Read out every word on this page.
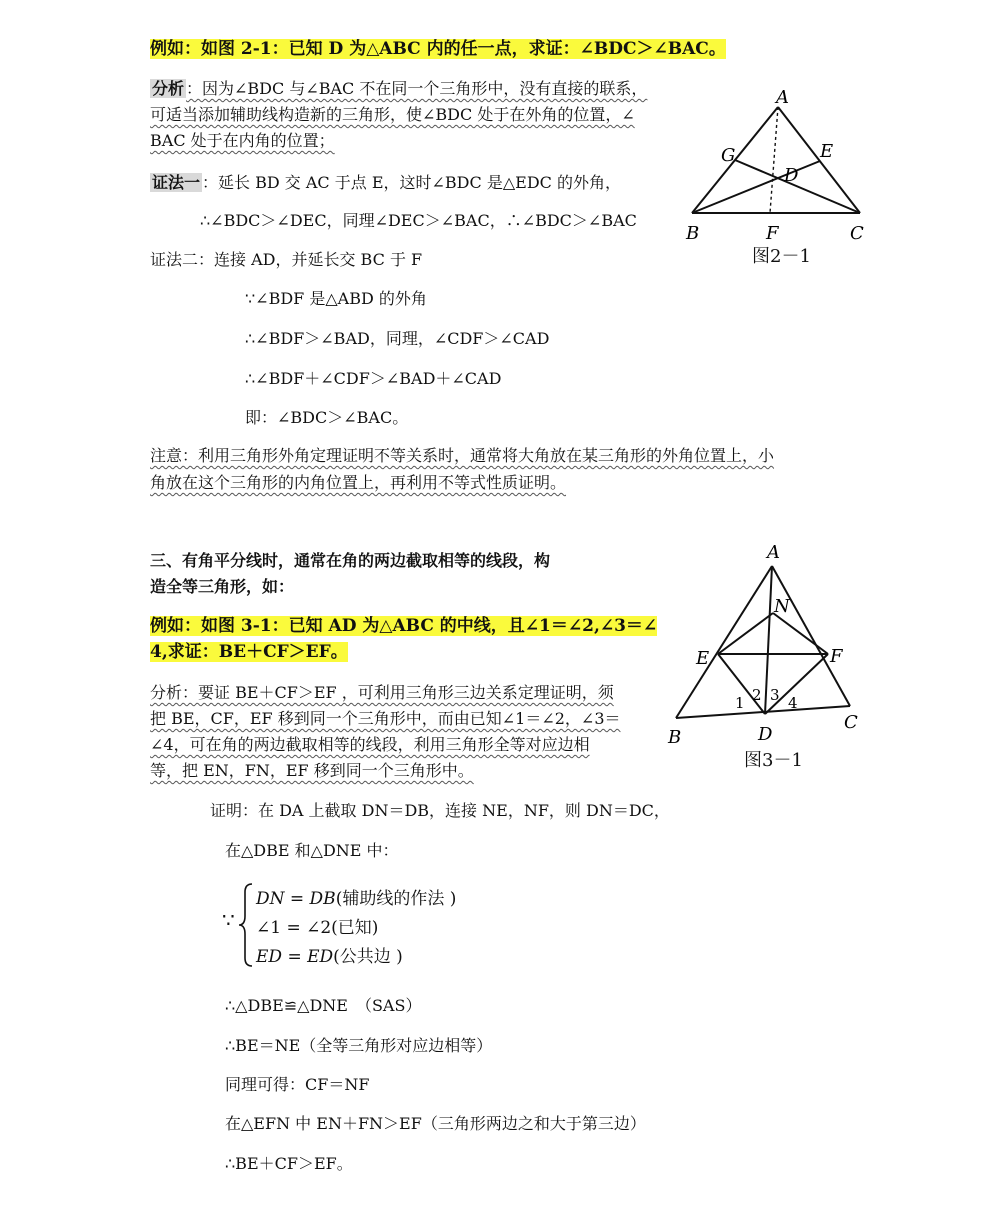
例如：如图 2-1：已知 D 为△ABC 内的任一点，求证：∠BDC＞∠BAC。
分析 ：因为∠BDC 与∠BAC 不在同一个三角形中，没有直接的联系，
可适当添加辅助线构造新的三角形，使∠BDC 处于在外角的位置，∠
BAC 处于在内角的位置；
证法一 ：延长 BD 交 AC 于点 E，这时∠BDC 是△EDC 的外角，
∴∠BDC＞∠DEC，同理∠DEC＞∠BAC，∴∠BDC＞∠BAC
证法二：连接 AD，并延长交 BC 于 F
∵∠BDF 是△ABD 的外角
∴∠BDF＞∠BAD，同理，∠CDF＞∠CAD
∴∠BDF＋∠CDF＞∠BAD＋∠CAD
即：∠BDC＞∠BAC。
注意：利用三角形外角定理证明不等关系时，通常将大角放在某三角形的外角位置上，小
角放在这个三角形的内角位置上，再利用不等式性质证明。
A
G	E
D
B	F	C
图2－1
三、有角平分线时，通常在角的两边截取相等的线段，构
造全等三角形，如：
例如：如图 3-1：已知 AD 为△ABC 的中线，且∠1＝∠2,∠3＝∠
4,求证：BE＋CF＞EF。
分析：要证 BE＋CF＞EF ，可利用三角形三边关系定理证明，须
把 BE，CF，EF 移到同一个三角形中，而由已知∠1＝∠2，∠3＝
∠4，可在角的两边截取相等的线段，利用三角形全等对应边相
等，把 EN，FN，EF 移到同一个三角形中。
证明：在 DA 上截取 DN＝DB，连接 NE，NF，则 DN＝DC，
在△DBE 和△DNE 中：
∵
DN = DB(辅助线的作法 )
∠1 = ∠2(已知)
ED = ED(公共边 )
∴△DBE≌△DNE　（SAS）
∴BE＝NE（全等三角形对应边相等）
同理可得：CF＝NF
在△EFN 中 EN＋FN＞EF（三角形两边之和大于第三边）
∴BE＋CF＞EF。
A
N
E	F
1 2 3 4
B	D
C
图3－1
